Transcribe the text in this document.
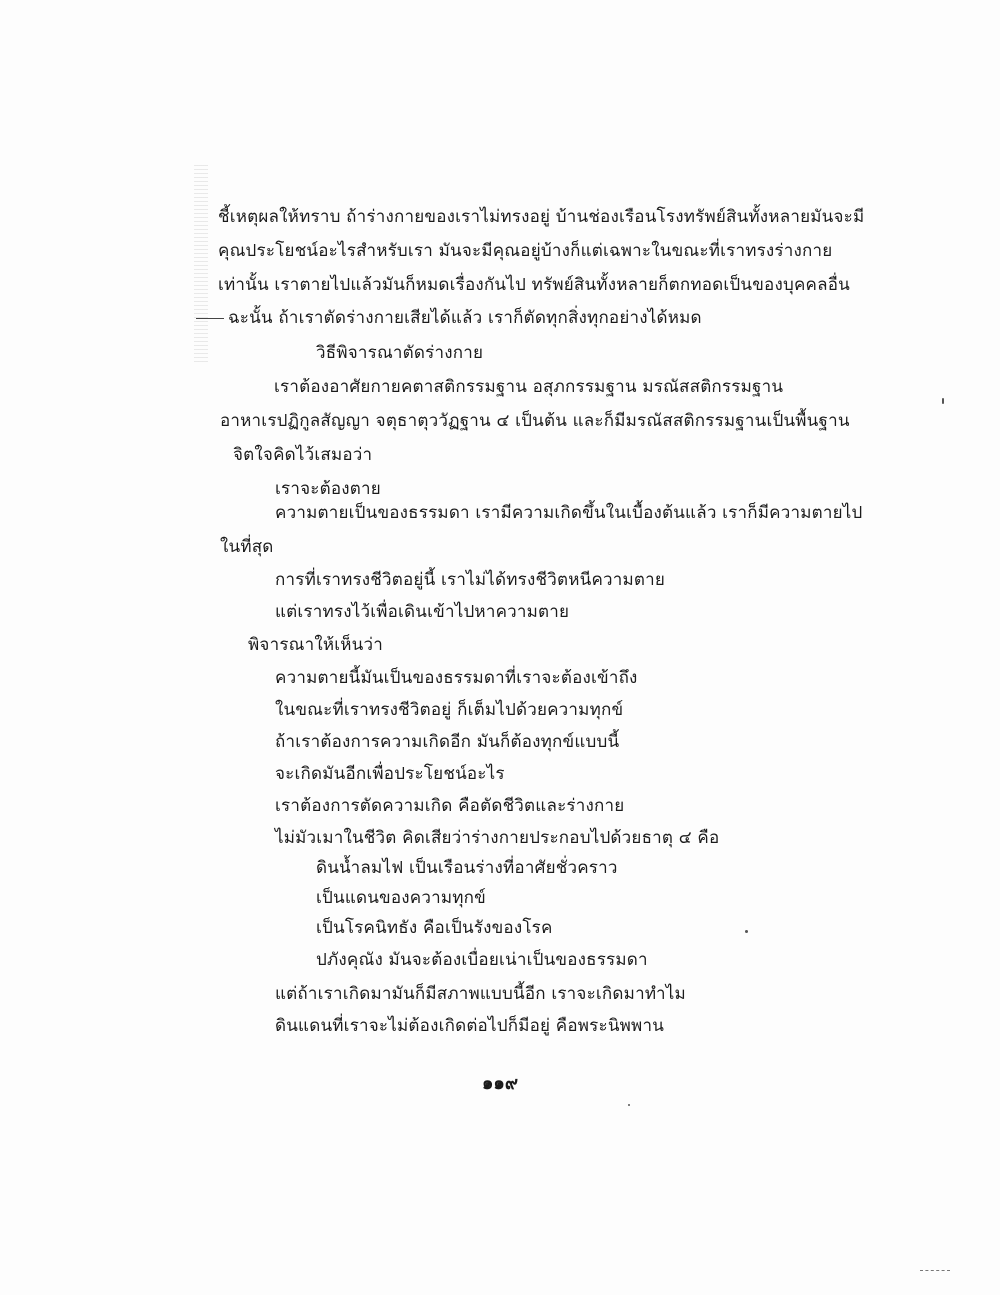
ชี้เหตุผลให้ทราบ ถ้าร่างกายของเราไม่ทรงอยู่ บ้านช่องเรือนโรงทรัพย์สินทั้งหลายมันจะมี
คุณประโยชน์อะไรสำหรับเรา มันจะมีคุณอยู่บ้างก็แต่เฉพาะในขณะที่เราทรงร่างกาย
เท่านั้น เราตายไปแล้วมันก็หมดเรื่องกันไป ทรัพย์สินทั้งหลายก็ตกทอดเป็นของบุคคลอื่น
ฉะนั้น ถ้าเราตัดร่างกายเสียได้แล้ว เราก็ตัดทุกสิ่งทุกอย่างได้หมด
วิธีพิจารณาตัดร่างกาย
เราต้องอาศัยกายคตาสติกรรมฐาน อสุภกรรมฐาน มรณัสสติกรรมฐาน
อาหาเรปฏิกูลสัญญา จตุธาตุววัฏฐาน ๔ เป็นต้น และก็มีมรณัสสติกรรมฐานเป็นพื้นฐาน
จิตใจคิดไว้เสมอว่า
เราจะต้องตาย
ความตายเป็นของธรรมดา เรามีความเกิดขึ้นในเบื้องต้นแล้ว เราก็มีความตายไป
ในที่สุด
การที่เราทรงชีวิตอยู่นี้ เราไม่ได้ทรงชีวิตหนีความตาย
แต่เราทรงไว้เพื่อเดินเข้าไปหาความตาย
พิจารณาให้เห็นว่า
ความตายนี้มันเป็นของธรรมดาที่เราจะต้องเข้าถึง
ในขณะที่เราทรงชีวิตอยู่ ก็เต็มไปด้วยความทุกข์
ถ้าเราต้องการความเกิดอีก มันก็ต้องทุกข์แบบนี้
จะเกิดมันอีกเพื่อประโยชน์อะไร
เราต้องการตัดความเกิด คือตัดชีวิตและร่างกาย
ไม่มัวเมาในชีวิต คิดเสียว่าร่างกายประกอบไปด้วยธาตุ ๔ คือ
ดินน้ำลมไฟ เป็นเรือนร่างที่อาศัยชั่วคราว
เป็นแดนของความทุกข์
เป็นโรคนิทธัง คือเป็นรังของโรค
ปภังคุณัง มันจะต้องเบื่อยเน่าเป็นของธรรมดา
แต่ถ้าเราเกิดมามันก็มีสภาพแบบนี้อีก เราจะเกิดมาทำไม
ดินแดนที่เราจะไม่ต้องเกิดต่อไปก็มีอยู่ คือพระนิพพาน
๑๑๙
